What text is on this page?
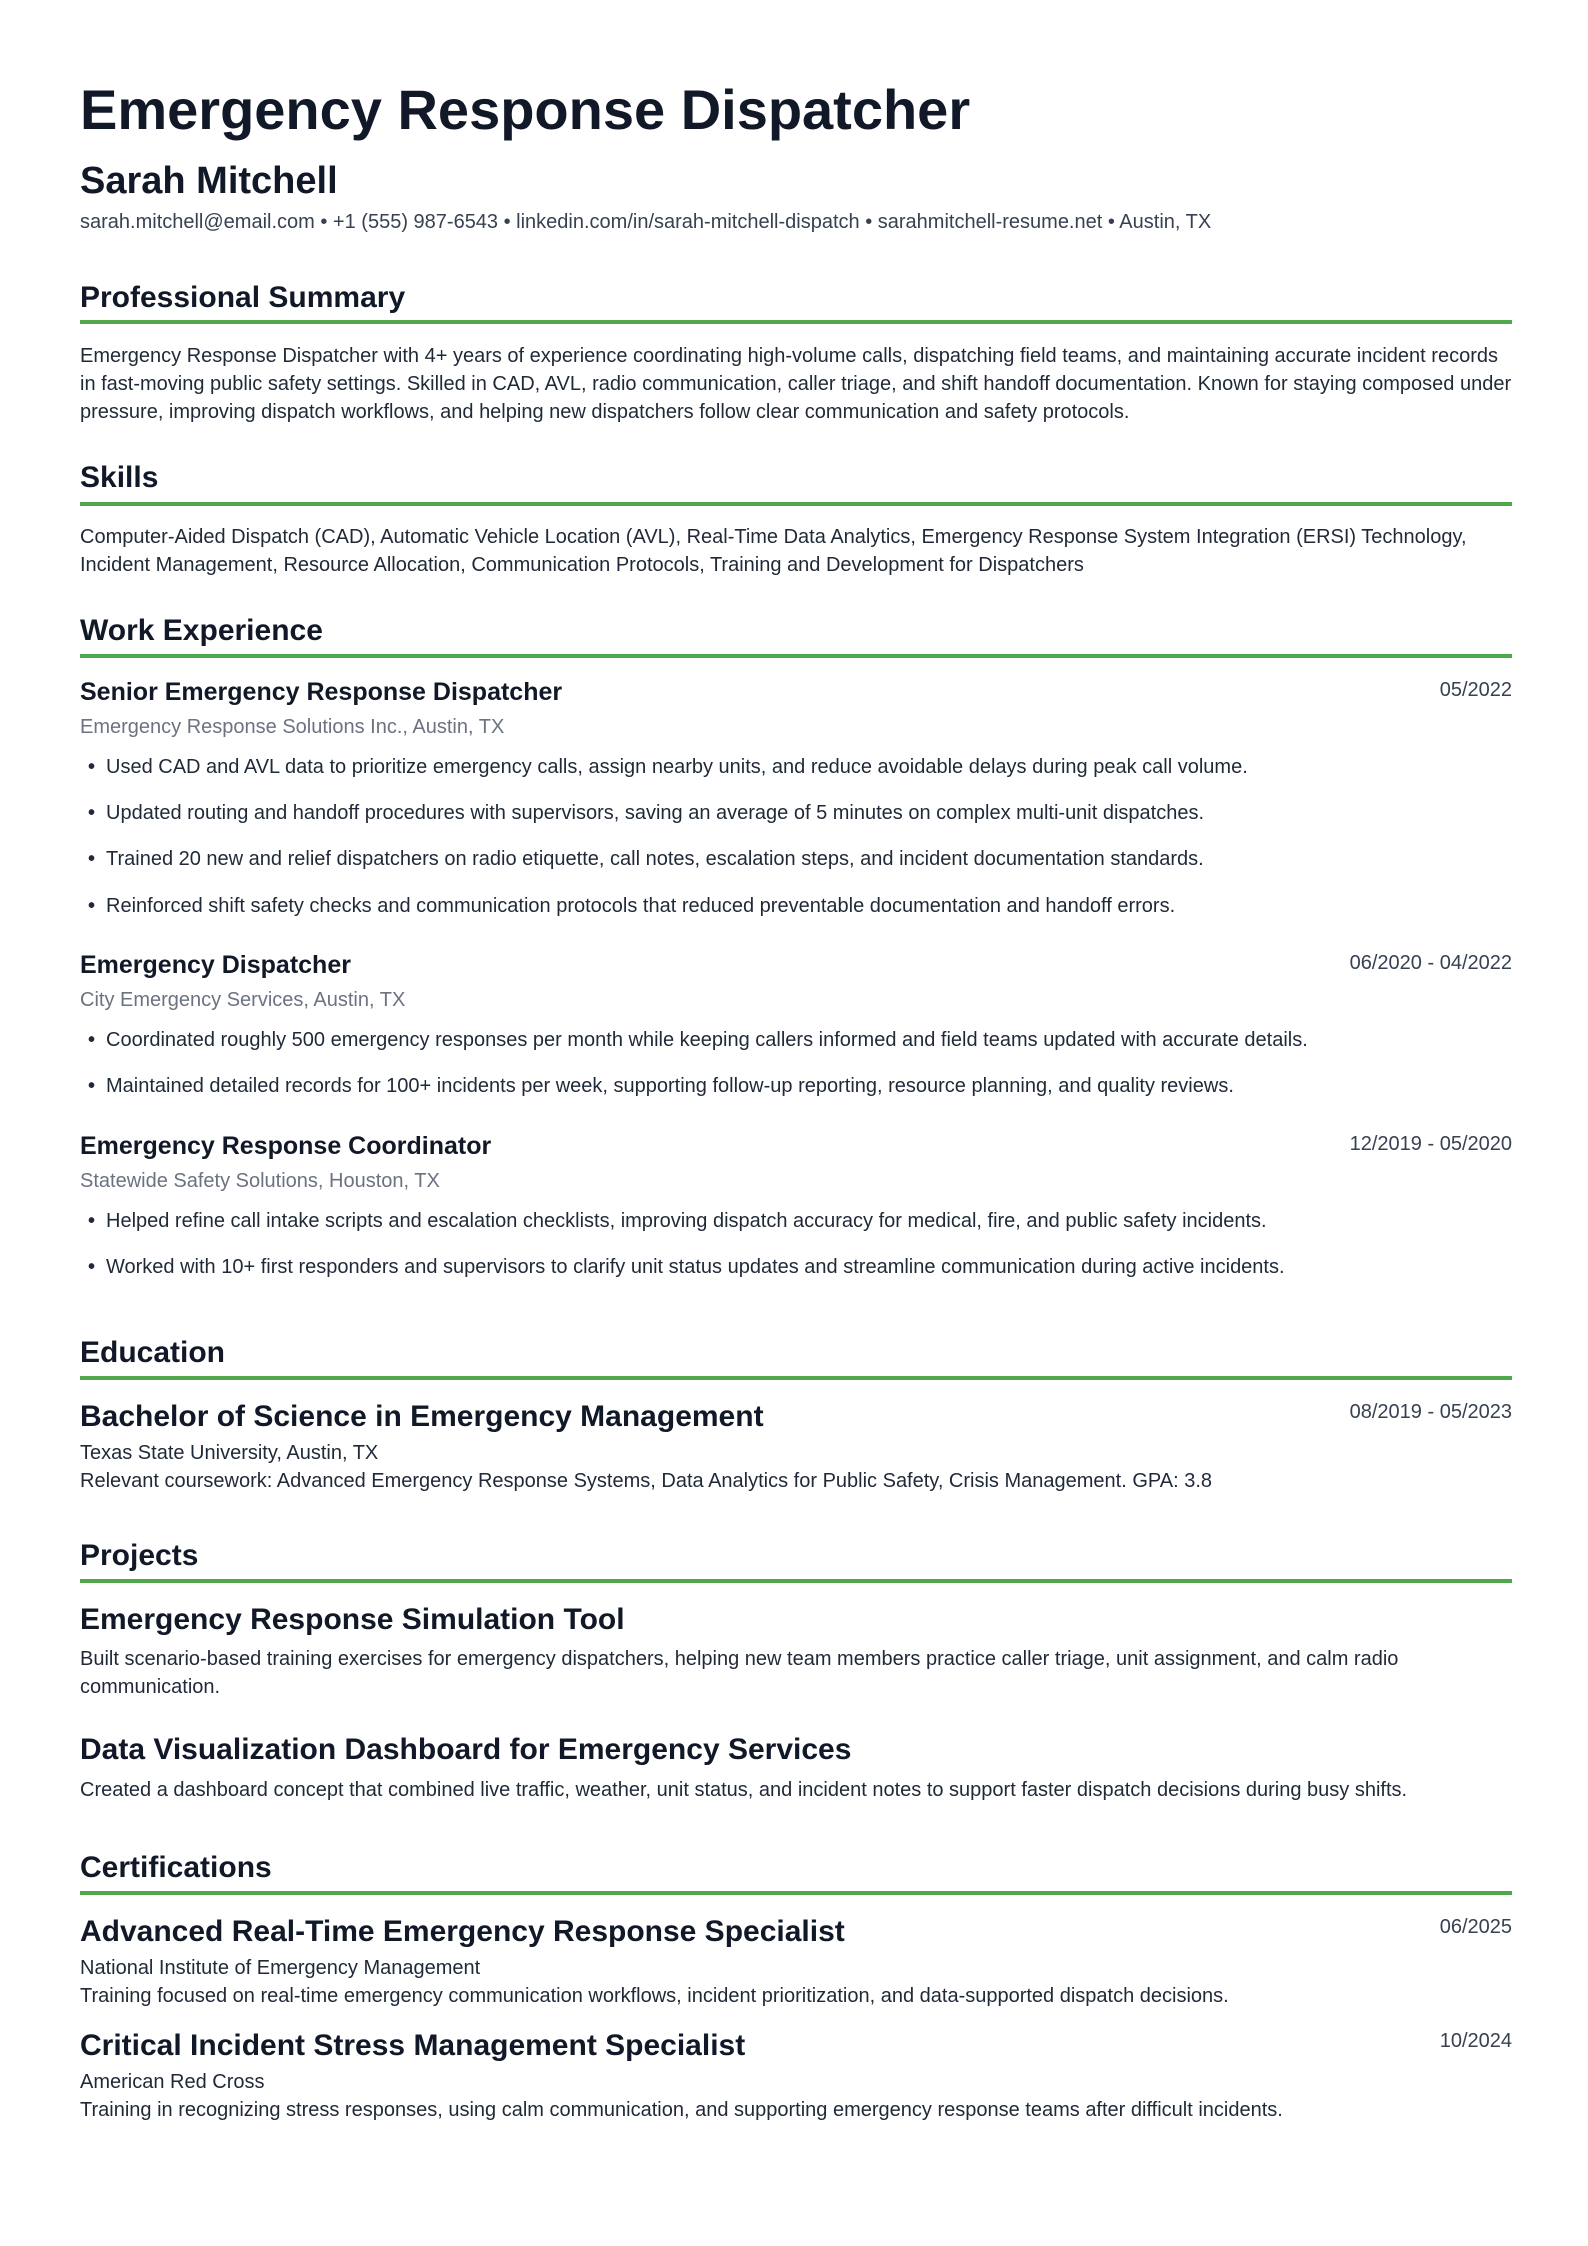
Emergency Response Dispatcher
Sarah Mitchell
sarah.mitchell@email.com • +1 (555) 987-6543 • linkedin.com/in/sarah-mitchell-dispatch • sarahmitchell-resume.net • Austin, TX
Professional Summary
Emergency Response Dispatcher with 4+ years of experience coordinating high-volume calls, dispatching field teams, and maintaining accurate incident records in fast-moving public safety settings. Skilled in CAD, AVL, radio communication, caller triage, and shift handoff documentation. Known for staying composed under pressure, improving dispatch workflows, and helping new dispatchers follow clear communication and safety protocols.
Skills
Computer-Aided Dispatch (CAD), Automatic Vehicle Location (AVL), Real-Time Data Analytics, Emergency Response System Integration (ERSI) Technology, Incident Management, Resource Allocation, Communication Protocols, Training and Development for Dispatchers
Work Experience
Senior Emergency Response Dispatcher	05/2022
Emergency Response Solutions Inc., Austin, TX
• Used CAD and AVL data to prioritize emergency calls, assign nearby units, and reduce avoidable delays during peak call volume.
• Updated routing and handoff procedures with supervisors, saving an average of 5 minutes on complex multi-unit dispatches.
• Trained 20 new and relief dispatchers on radio etiquette, call notes, escalation steps, and incident documentation standards.
• Reinforced shift safety checks and communication protocols that reduced preventable documentation and handoff errors.
Emergency Dispatcher	06/2020 - 04/2022
City Emergency Services, Austin, TX
• Coordinated roughly 500 emergency responses per month while keeping callers informed and field teams updated with accurate details.
• Maintained detailed records for 100+ incidents per week, supporting follow-up reporting, resource planning, and quality reviews.
Emergency Response Coordinator	12/2019 - 05/2020
Statewide Safety Solutions, Houston, TX
• Helped refine call intake scripts and escalation checklists, improving dispatch accuracy for medical, fire, and public safety incidents.
• Worked with 10+ first responders and supervisors to clarify unit status updates and streamline communication during active incidents.
Education
Bachelor of Science in Emergency Management	08/2019 - 05/2023
Texas State University, Austin, TX
Relevant coursework: Advanced Emergency Response Systems, Data Analytics for Public Safety, Crisis Management. GPA: 3.8
Projects
Emergency Response Simulation Tool
Built scenario-based training exercises for emergency dispatchers, helping new team members practice caller triage, unit assignment, and calm radio communication.
Data Visualization Dashboard for Emergency Services
Created a dashboard concept that combined live traffic, weather, unit status, and incident notes to support faster dispatch decisions during busy shifts.
Certifications
Advanced Real-Time Emergency Response Specialist	06/2025
National Institute of Emergency Management
Training focused on real-time emergency communication workflows, incident prioritization, and data-supported dispatch decisions.
Critical Incident Stress Management Specialist	10/2024
American Red Cross
Training in recognizing stress responses, using calm communication, and supporting emergency response teams after difficult incidents.
